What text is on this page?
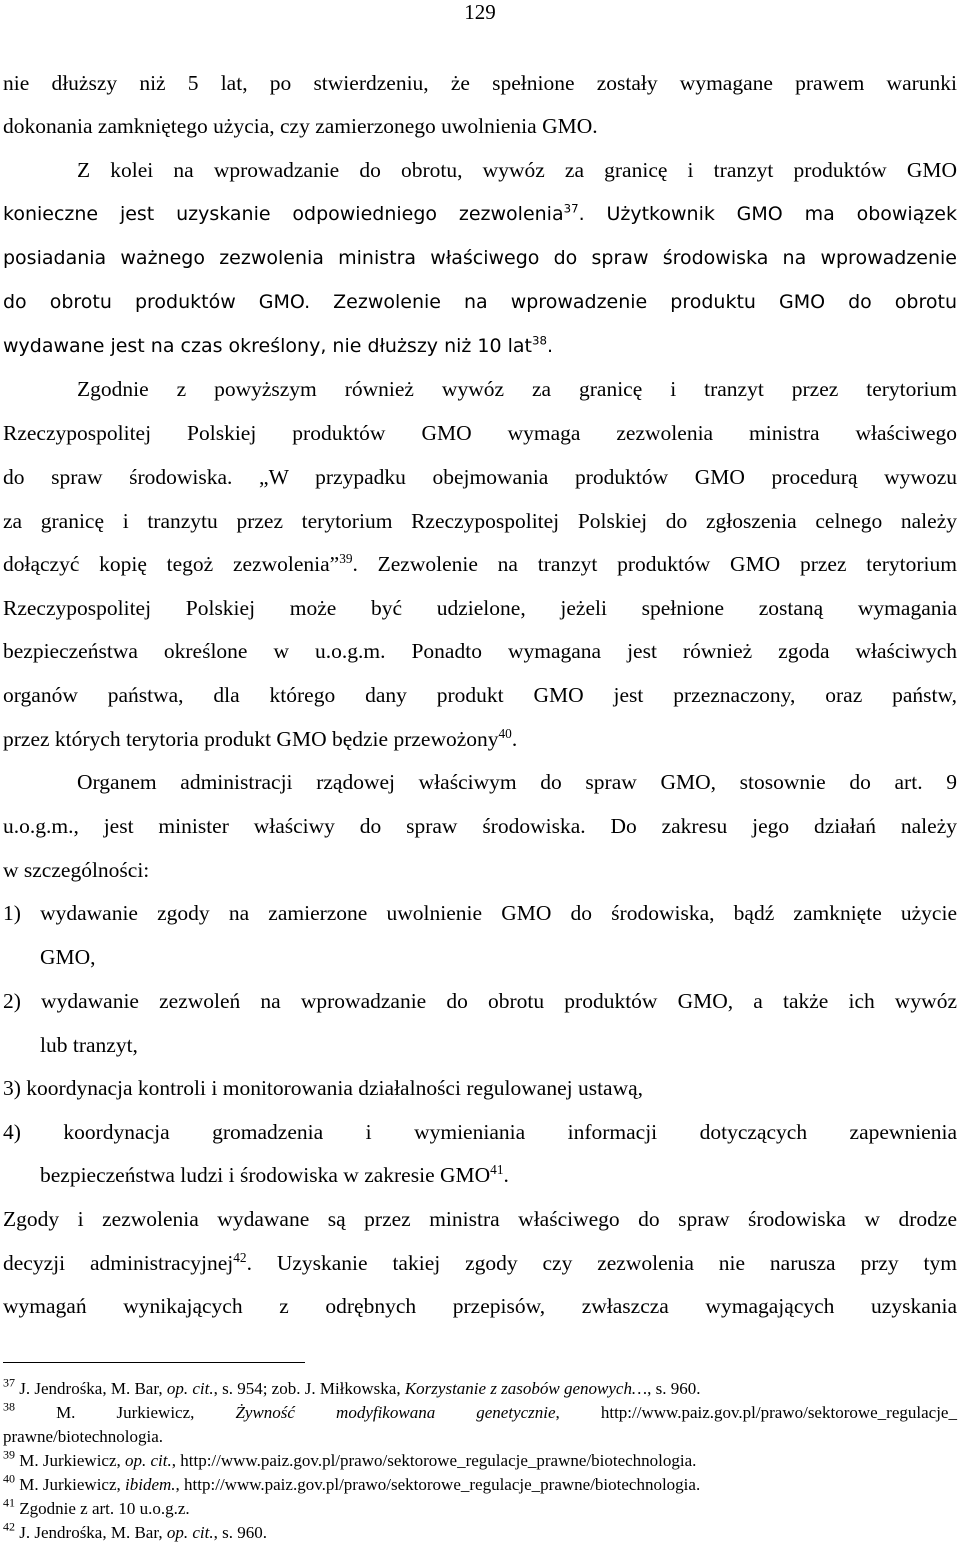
129
nie dłuższy niż 5 lat, po stwierdzeniu, że spełnione zostały wymagane prawem warunki
dokonania zamkniętego użycia, czy zamierzonego uwolnienia GMO.
Z kolei na wprowadzanie do obrotu, wywóz za granicę i tranzyt produktów GMO
konieczne jest uzyskanie odpowiedniego zezwolenia$^{37}$. Użytkownik GMO ma obowiązek
posiadania ważnego zezwolenia ministra właściwego do spraw środowiska na wprowadzenie
do obrotu produktów GMO. Zezwolenie na wprowadzenie produktu GMO do obrotu
wydawane jest na czas określony, nie dłuższy niż 10 lat$^{38}$.
Zgodnie z powyższym również wywóz za granicę i tranzyt przez terytorium
Rzeczypospolitej Polskiej produktów GMO wymaga zezwolenia ministra właściwego
do spraw środowiska. „W przypadku obejmowania produktów GMO procedurą wywozu
za granicę i tranzytu przez terytorium Rzeczypospolitej Polskiej do zgłoszenia celnego należy
dołączyć kopię tegoż zezwolenia”$^{39}$. Zezwolenie na tranzyt produktów GMO przez terytorium
Rzeczypospolitej Polskiej może być udzielone, jeżeli spełnione zostaną wymagania
bezpieczeństwa określone w u.o.g.m. Ponadto wymagana jest również zgoda właściwych
organów państwa, dla którego dany produkt GMO jest przeznaczony, oraz państw,
przez których terytoria produkt GMO będzie przewożony$^{40}$.
Organem administracji rządowej właściwym do spraw GMO, stosownie do art. 9
u.o.g.m., jest minister właściwy do spraw środowiska. Do zakresu jego działań należy
w szczególności:
1) wydawanie zgody na zamierzone uwolnienie GMO do środowiska, bądź zamknięte użycie
GMO,
2) wydawanie zezwoleń na wprowadzanie do obrotu produktów GMO, a także ich wywóz
lub tranzyt,
3) koordynacja kontroli i monitorowania działalności regulowanej ustawą,
4) koordynacja gromadzenia i wymieniania informacji dotyczących zapewnienia
bezpieczeństwa ludzi i środowiska w zakresie GMO$^{41}$.
Zgody i zezwolenia wydawane są przez ministra właściwego do spraw środowiska w drodze
decyzji administracyjnej$^{42}$. Uzyskanie takiej zgody czy zezwolenia nie narusza przy tym
wymagań wynikających z odrębnych przepisów, zwłaszcza wymagających uzyskania
$^{37}$ J. Jendrośka, M. Bar, op. cit., s. 954; zob. J. Miłkowska, Korzystanie z zasobów genowych…, s. 960.
$^{38}$ M. Jurkiewicz, Żywność modyfikowana genetycznie, http://www.paiz.gov.pl/prawo/sektorowe_regulacje_
prawne/biotechnologia.
$^{39}$ M. Jurkiewicz, op. cit., http://www.paiz.gov.pl/prawo/sektorowe_regulacje_prawne/biotechnologia.
$^{40}$ M. Jurkiewicz, ibidem., http://www.paiz.gov.pl/prawo/sektorowe_regulacje_prawne/biotechnologia.
$^{41}$ Zgodnie z art. 10 u.o.g.z.
$^{42}$ J. Jendrośka, M. Bar, op. cit., s. 960.
